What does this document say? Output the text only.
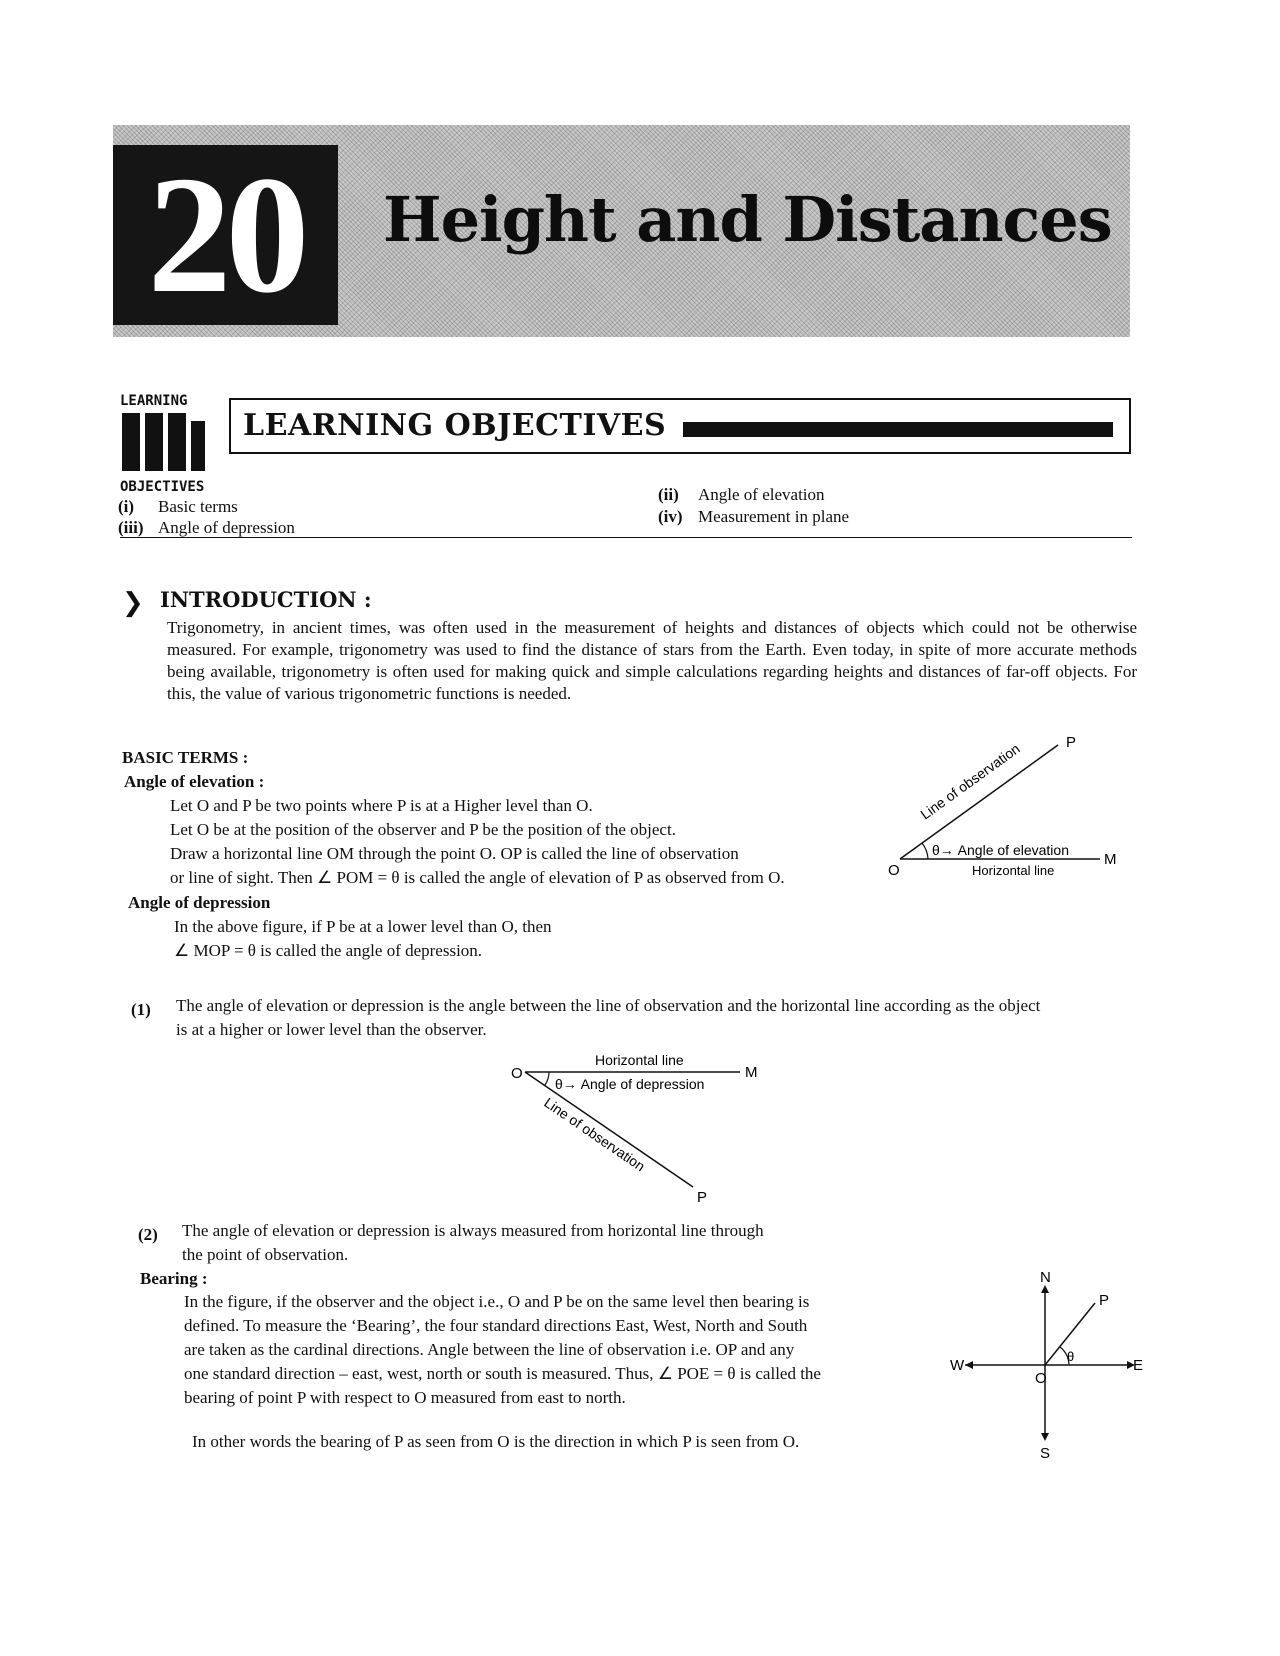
20	Height and Distances
LEARNING
OBJECTIVES
LEARNING OBJECTIVES
(i) Basic terms
(ii) Angle of elevation
(iii) Angle of depression
(iv) Measurement in plane
❯ INTRODUCTION :
Trigonometry, in ancient times, was often used in the measurement of heights and distances of objects which could not be otherwise measured. For example, trigonometry was used to find the distance of stars from the Earth. Even today, in spite of more accurate methods being available, trigonometry is often used for making quick and simple calculations regarding heights and distances of far-off objects. For this, the value of various trigonometric functions is needed.
BASIC TERMS :
Angle of elevation :
Let O and P be two points where P is at a Higher level than O.
Let O be at the position of the observer and P be the position of the object.
Draw a horizontal line OM through the point O. OP is called the line of observation
or line of sight. Then ∠ POM = θ is called the angle of elevation of P as observed from O.
Angle of depression
In the above figure, if P be at a lower level than O, then
∠ MOP = θ is called the angle of depression.
O
P
M
θ→ Angle of elevation
Horizontal line
Line of observation
(1) The angle of elevation or depression is the angle between the line of observation and the horizontal line according as the object
is at a higher or lower level than the observer.
O
P
M
Horizontal line
θ→ Angle of depression
Line of observation
(2) The angle of elevation or depression is always measured from horizontal line through
the point of observation.
Bearing :
In the figure, if the observer and the object i.e., O and P be on the same level then bearing is
defined. To measure the ‘Bearing’, the four standard directions East, West, North and South
are taken as the cardinal directions. Angle between the line of observation i.e. OP and any
one standard direction – east, west, north or south is measured. Thus, ∠ POE = θ is called the
bearing of point P with respect to O measured from east to north.
In other words the bearing of P as seen from O is the direction in which P is seen from O.
N
S
E
W
O
P
θ
